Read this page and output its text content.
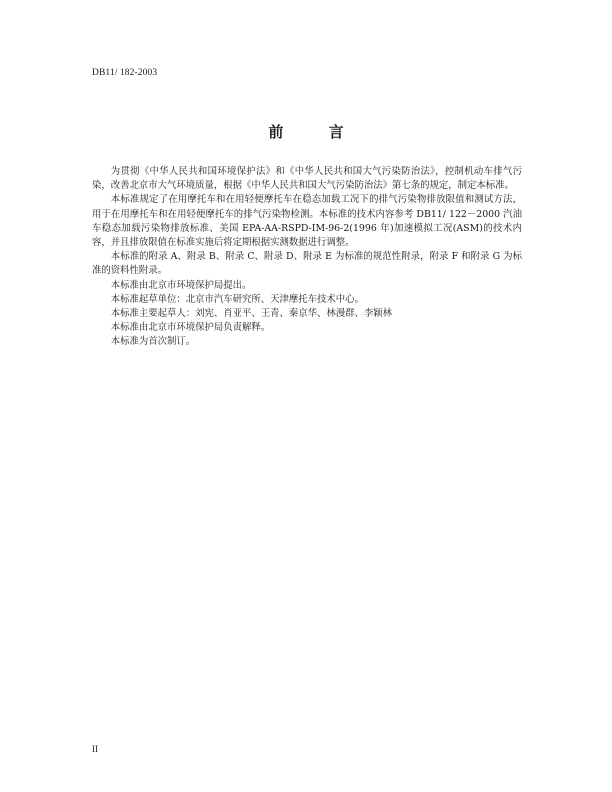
DB11/ 182-2003
前 言

为贯彻《中华人民共和国环境保护法》和《中华人民共和国大气污染防治法》，控制机动车排气污染，改善北京市大气环境质量，根据《中华人民共和国大气污染防治法》第七条的规定，制定本标准。

本标准规定了在用摩托车和在用轻便摩托车在稳态加载工况下的排气污染物排放限值和测试方法，用于在用摩托车和在用轻便摩托车的排气污染物检测。本标准的技术内容参考 DB11/ 122－2000 汽油车稳态加载污染物排放标准、美国 EPA-AA-RSPD-IM-96-2(1996 年)加速模拟工况(ASM)的技术内容，并且排放限值在标准实施后将定期根据实测数据进行调整。

本标准的附录 A、附录 B、附录 C、附录 D、附录 E 为标准的规范性附录，附录 F 和附录 G 为标准的资料性附录。

本标准由北京市环境保护局提出。

本标准起草单位：北京市汽车研究所、天津摩托车技术中心。

本标准主要起草人：刘宪、肖亚平、王青、秦京华、林漫群、李颖林

本标准由北京市环境保护局负责解释。

本标准为首次制订。

II
